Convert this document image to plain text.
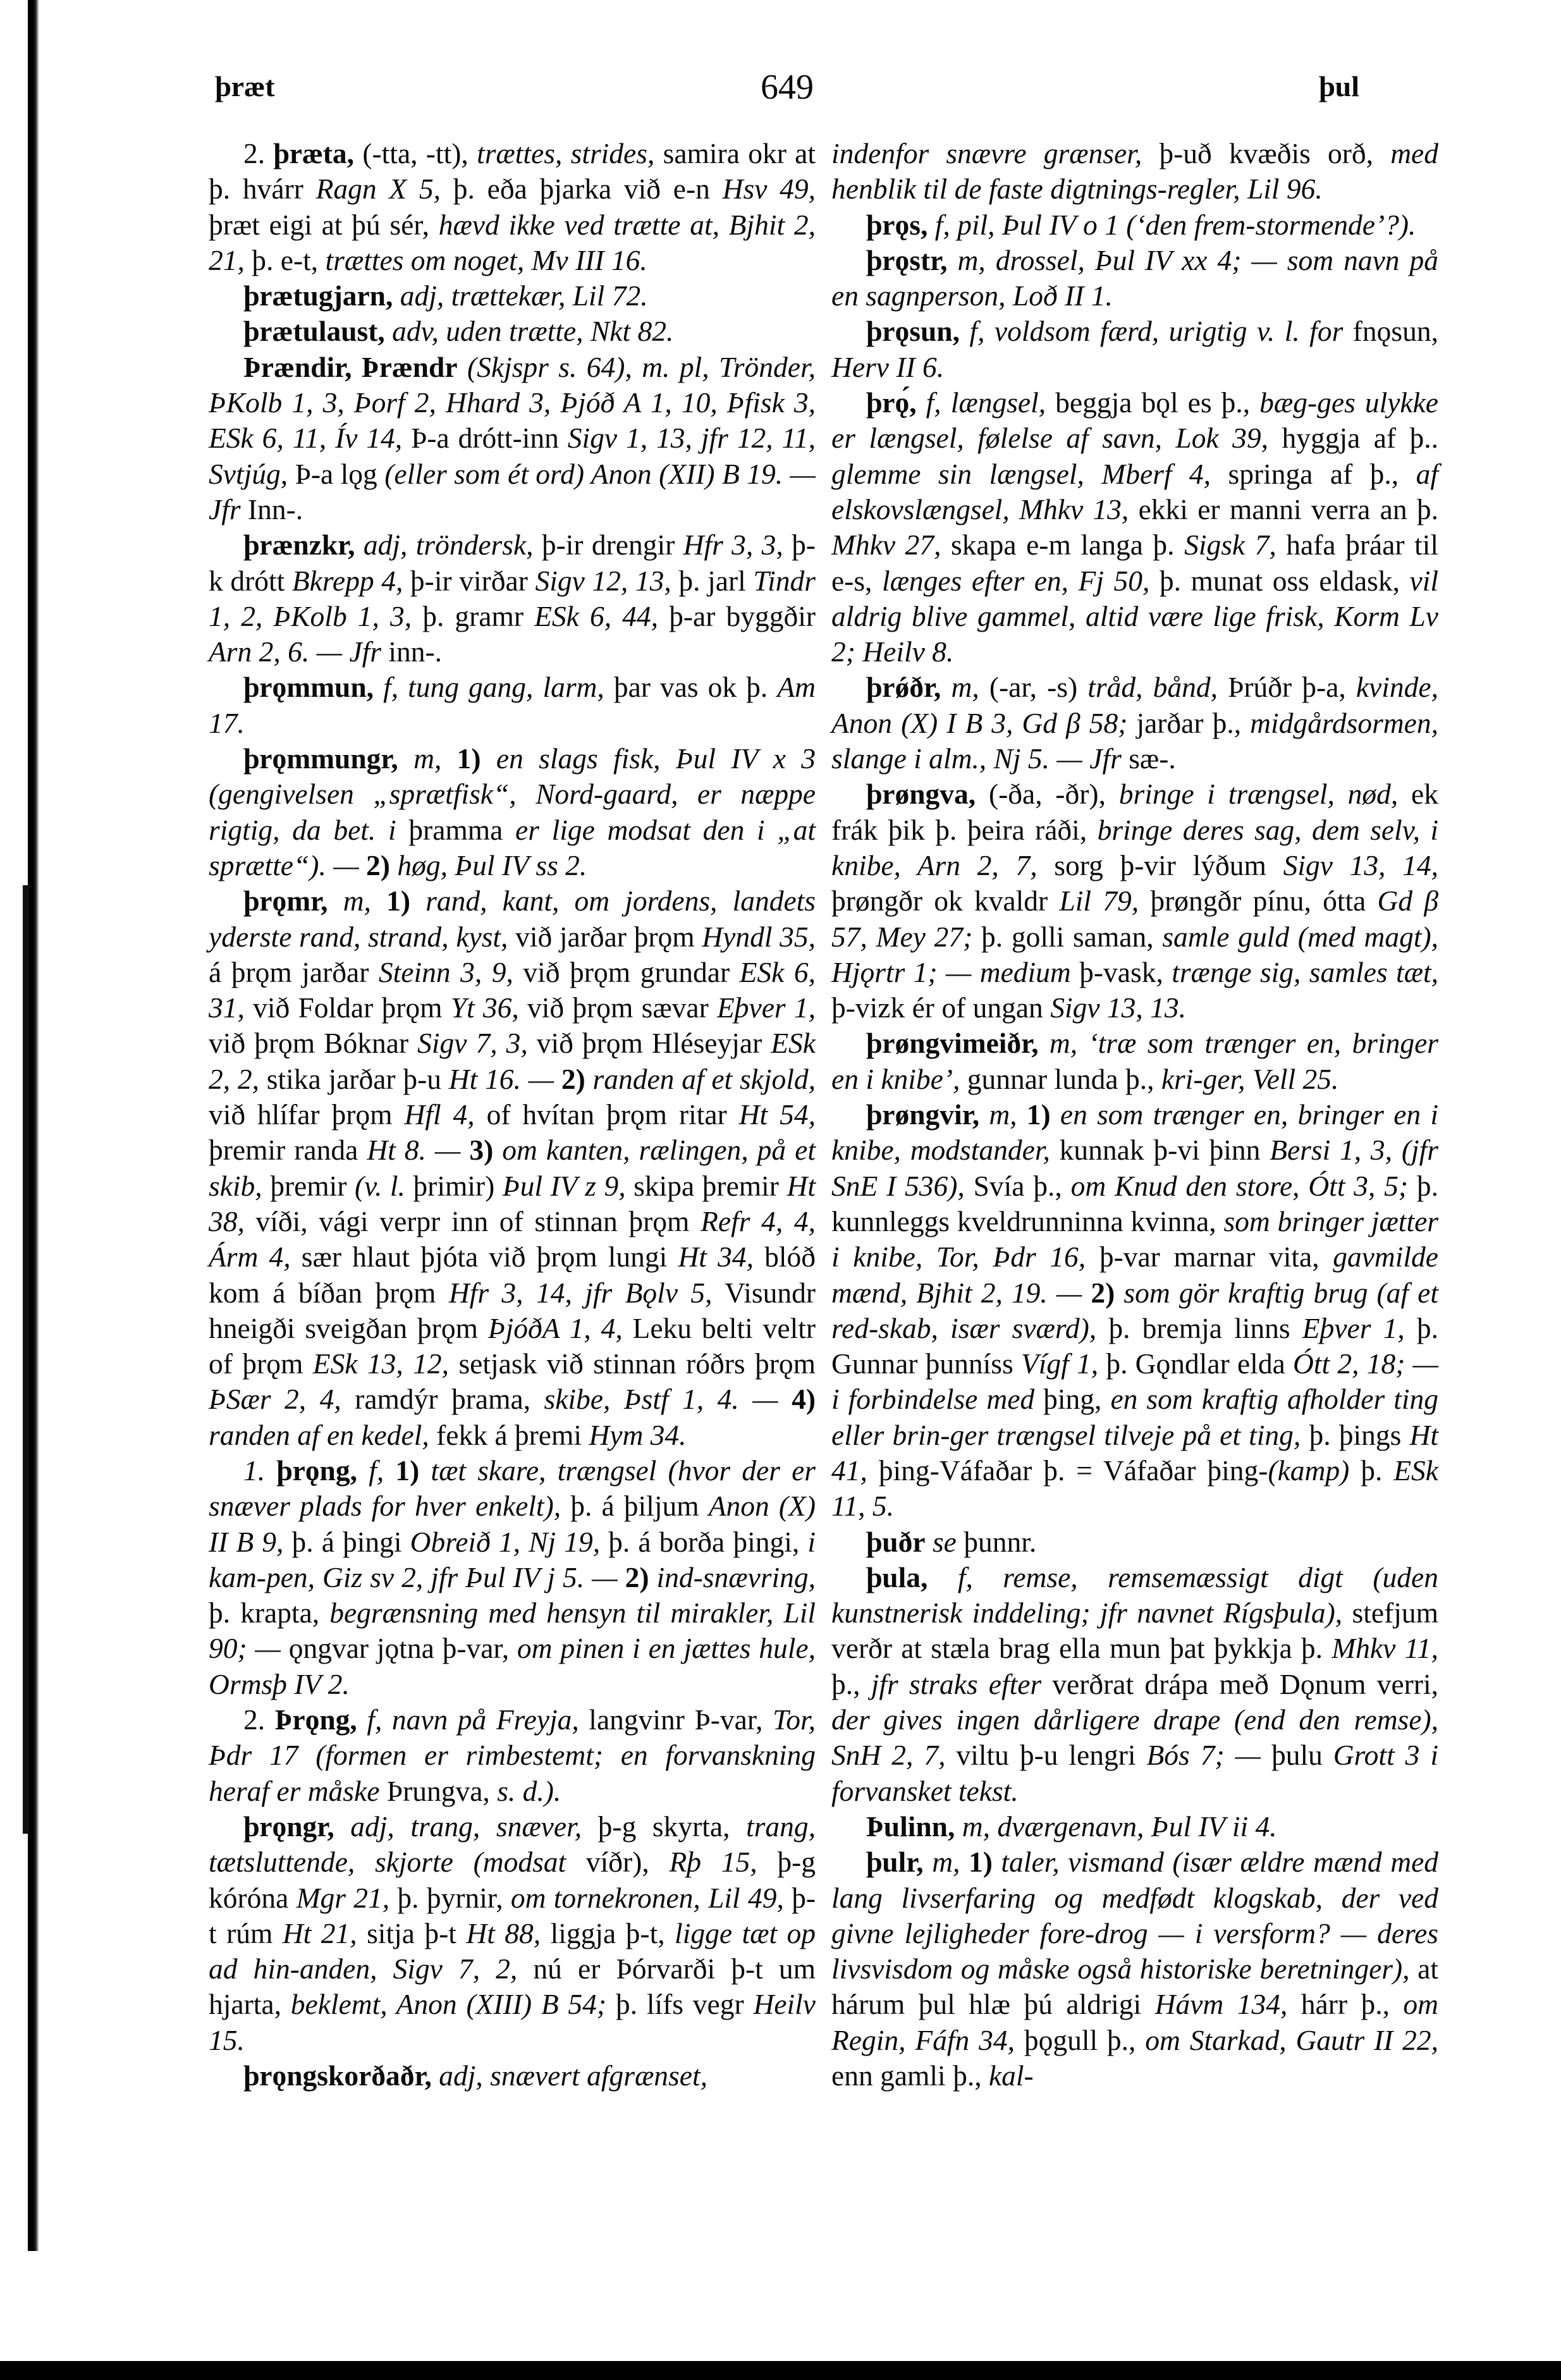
þræt	649	þul

2. þræta, (-tta, -tt), trættes, strides, samira okr at þ. hvárr Ragn X 5, þ. eða þjarka við e-n Hsv 49, þræt eigi at þú sér, hævd ikke ved trætte at, Bjhit 2, 21, þ. e-t, trættes om noget, Mv III 16.

þrætugjarn, adj, trættekær, Lil 72.

þrætulaust, adv, uden trætte, Nkt 82.

Þrændir, Þrændr (Skjspr s. 64), m. pl, Trönder, ÞKolb 1, 3, Þorf 2, Hhard 3, Þjóð A 1, 10, Þfisk 3, ESk 6, 11, Ív 14, Þ-a drótt-inn Sigv 1, 13, jfr 12, 11, Svtjúg, Þ-a lǫg (eller som ét ord) Anon (XII) B 19. — Jfr Inn-.

þrænzkr, adj, tröndersk, þ-ir drengir Hfr 3, 3, þ-k drótt Bkrepp 4, þ-ir virðar Sigv 12, 13, þ. jarl Tindr 1, 2, ÞKolb 1, 3, þ. gramr ESk 6, 44, þ-ar byggðir Arn 2, 6. — Jfr inn-.

þrǫmmun, f, tung gang, larm, þar vas ok þ. Am 17.

þrǫmmungr, m, 1) en slags fisk, Þul IV x 3 (gengivelsen „sprætfisk“, Nord-gaard, er næppe rigtig, da bet. i þramma er lige modsat den i „at sprætte“). — 2) høg, Þul IV ss 2.

þrǫmr, m, 1) rand, kant, om jordens, landets yderste rand, strand, kyst, við jarðar þrǫm Hyndl 35, á þrǫm jarðar Steinn 3, 9, við þrǫm grundar ESk 6, 31, við Foldar þrǫm Yt 36, við þrǫm sævar Eþver 1, við þrǫm Bóknar Sigv 7, 3, við þrǫm Hléseyjar ESk 2, 2, stika jarðar þ-u Ht 16. — 2) randen af et skjold, við hlífar þrǫm Hfl 4, of hvítan þrǫm ritar Ht 54, þremir randa Ht 8. — 3) om kanten, rælingen, på et skib, þremir (v. l. þrimir) Þul IV z 9, skipa þremir Ht 38, víði, vági verpr inn of stinnan þrǫm Refr 4, 4, Árm 4, sær hlaut þjóta við þrǫm lungi Ht 34, blóð kom á bíðan þrǫm Hfr 3, 14, jfr Bǫlv 5, Visundr hneigði sveigðan þrǫm ÞjóðA 1, 4, Leku belti veltr of þrǫm ESk 13, 12, setjask við stinnan róðrs þrǫm ÞSær 2, 4, ramdýr þrama, skibe, Þstf 1, 4. — 4) randen af en kedel, fekk á þremi Hym 34.

1. þrǫng, f, 1) tæt skare, trængsel (hvor der er snæver plads for hver enkelt), þ. á þiljum Anon (X) II B 9, þ. á þingi Obreið 1, Nj 19, þ. á borða þingi, i kam-pen, Giz sv 2, jfr Þul IV j 5. — 2) ind-snævring, þ. krapta, begrænsning med hensyn til mirakler, Lil 90; — ǫngvar jǫtna þ-var, om pinen i en jættes hule, Ormsþ IV 2.

2. Þrǫng, f, navn på Freyja, langvinr Þ-var, Tor, Þdr 17 (formen er rimbestemt; en forvanskning heraf er måske Þrungva, s. d.).

þrǫngr, adj, trang, snæver, þ-g skyrta, trang, tætsluttende, skjorte (modsat víðr), Rþ 15, þ-g kóróna Mgr 21, þ. þyrnir, om tornekronen, Lil 49, þ-t rúm Ht 21, sitja þ-t Ht 88, liggja þ-t, ligge tæt op ad hin-anden, Sigv 7, 2, nú er Þórvarði þ-t um hjarta, beklemt, Anon (XIII) B 54; þ. lífs vegr Heilv 15.

þrǫngskorðaðr, adj, snævert afgrænset,

indenfor snævre grænser, þ-uð kvæðis orð, med henblik til de faste digtnings-regler, Lil 96.

þrǫs, f, pil, Þul IV o 1 (‘den frem-stormende’?).

þrǫstr, m, drossel, Þul IV xx 4; — som navn på en sagnperson, Loð II 1.

þrǫsun, f, voldsom færd, urigtig v. l. for fnǫsun, Herv II 6.

þrǫ́, f, længsel, beggja bǫl es þ., bæg-ges ulykke er længsel, følelse af savn, Lok 39, hyggja af þ.. glemme sin længsel, Mberf 4, springa af þ., af elskovslængsel, Mhkv 13, ekki er manni verra an þ. Mhkv 27, skapa e-m langa þ. Sigsk 7, hafa þráar til e-s, længes efter en, Fj 50, þ. munat oss eldask, vil aldrig blive gammel, altid være lige frisk, Korm Lv 2; Heilv 8.

þrǿðr, m, (-ar, -s) tråd, bånd, Þrúðr þ-a, kvinde, Anon (X) I B 3, Gd β 58; jarðar þ., midgårdsormen, slange i alm., Nj 5. — Jfr sæ-.

þrøngva, (-ða, -ðr), bringe i trængsel, nød, ek frák þik þ. þeira ráði, bringe deres sag, dem selv, i knibe, Arn 2, 7, sorg þ-vir lýðum Sigv 13, 14, þrøngðr ok kvaldr Lil 79, þrøngðr pínu, ótta Gd β 57, Mey 27; þ. golli saman, samle guld (med magt), Hjǫrtr 1; — medium þ-vask, trænge sig, samles tæt, þ-vizk ér of ungan Sigv 13, 13.

þrøngvimeiðr, m, ‘træ som trænger en, bringer en i knibe’, gunnar lunda þ., kri-ger, Vell 25.

þrøngvir, m, 1) en som trænger en, bringer en i knibe, modstander, kunnak þ-vi þinn Bersi 1, 3, (jfr SnE I 536), Svía þ., om Knud den store, Ótt 3, 5; þ. kunnleggs kveldrunninna kvinna, som bringer jætter i knibe, Tor, Þdr 16, þ-var marnar vita, gavmilde mænd, Bjhit 2, 19. — 2) som gör kraftig brug (af et red-skab, især sværd), þ. bremja linns Eþver 1, þ. Gunnar þunníss Vígf 1, þ. Gǫndlar elda Ótt 2, 18; — i forbindelse med þing, en som kraftig afholder ting eller brin-ger trængsel tilveje på et ting, þ. þings Ht 41, þing-Váfaðar þ. = Váfaðar þing-(kamp) þ. ESk 11, 5.

þuðr se þunnr.

þula, f, remse, remsemæssigt digt (uden kunstnerisk inddeling; jfr navnet Rígsþula), stefjum verðr at stæla brag ella mun þat þykkja þ. Mhkv 11, þ., jfr straks efter verðrat drápa með Dǫnum verri, der gives ingen dårligere drape (end den remse), SnH 2, 7, viltu þ-u lengri Bós 7; — þulu Grott 3 i forvansket tekst.

Þulinn, m, dværgenavn, Þul IV ii 4.

þulr, m, 1) taler, vismand (især ældre mænd med lang livserfaring og medfødt klogskab, der ved givne lejligheder fore-drog — i versform? — deres livsvisdom og måske også historiske beretninger), at hárum þul hlæ þú aldrigi Hávm 134, hárr þ., om Regin, Fáfn 34, þǫgull þ., om Starkad, Gautr II 22, enn gamli þ., kal-
